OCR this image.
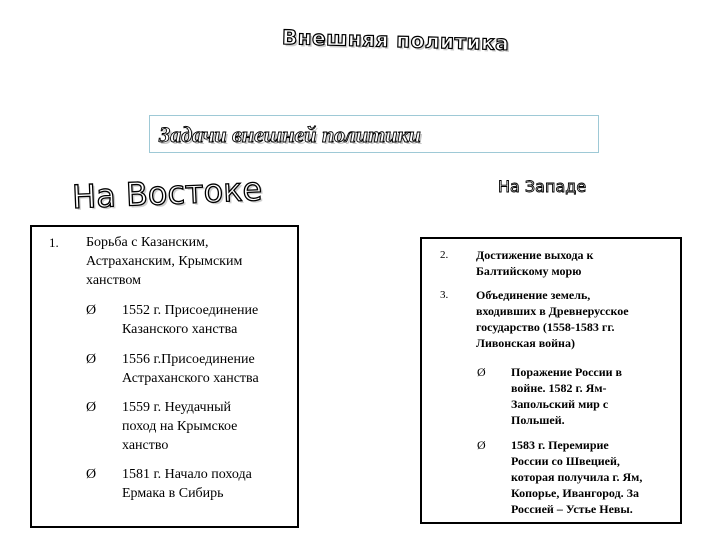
Внешняя политика
Задачи внешней политики
На Востоке	На Западе
1. Борьба с Казанским,
Астраханским, Крымским
ханством
Ø 1552 г. Присоединение
Казанского ханства
Ø 1556 г.Присоединение
Астраханского ханства
Ø 1559 г. Неудачный
поход на Крымское
ханство
Ø 1581 г. Начало похода
Ермака в Сибирь
2. Достижение выхода к
Балтийскому морю
3. Объединение земель,
входивших в Древнерусское
государство (1558-1583 гг.
Ливонская война)
Ø Поражение России в
войне. 1582 г. Ям-
Запольский мир с
Польшей.
Ø 1583 г. Перемирие
России со Швецией,
которая получила г. Ям,
Копорье, Ивангород. За
Россией – Устье Невы.
